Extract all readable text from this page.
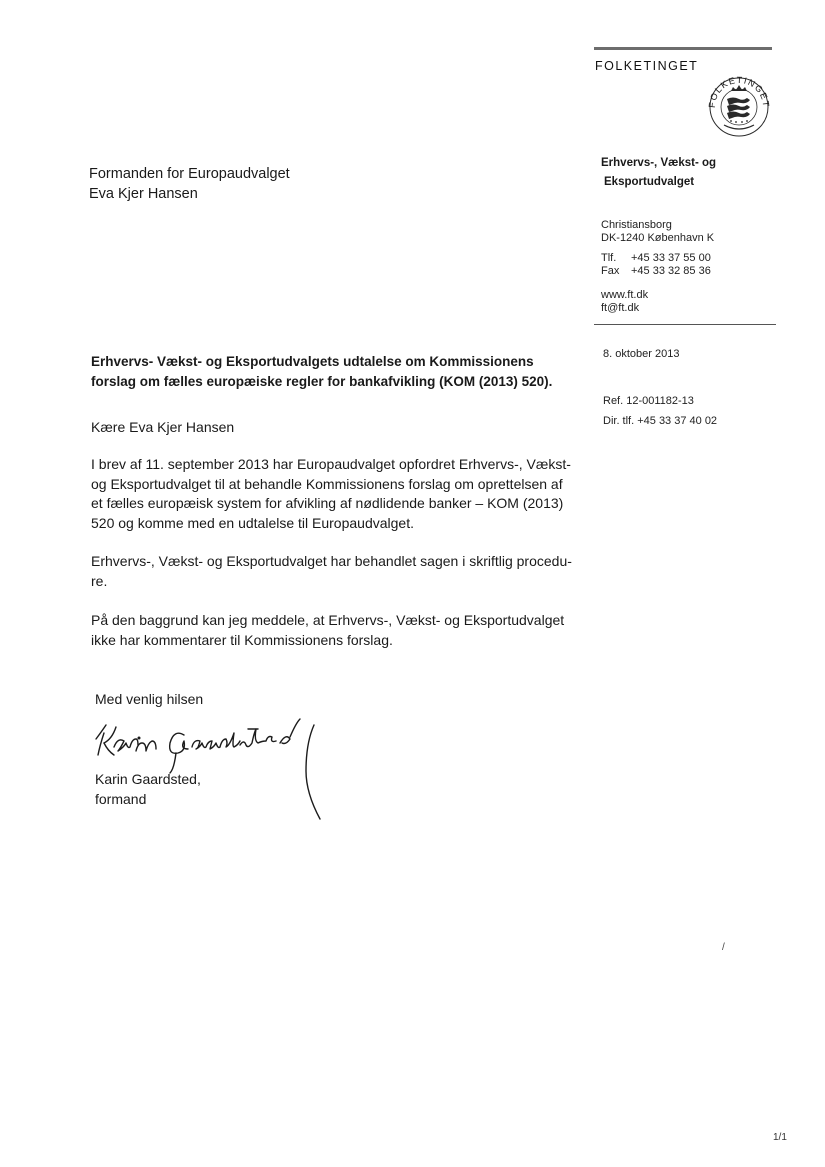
FOLKETINGET
FOLKETINGET
Erhvervs-, Vækst- og
Eksportudvalget
Christiansborg
DK-1240 København K
Tlf.	+45 33 37 55 00
Fax	+45 33 32 85 36
www.ft.dk
ft@ft.dk
8. oktober 2013
Ref. 12-001182-13
Dir. tlf. +45 33 37 40 02
Formanden for Europaudvalget
Eva Kjer Hansen
Erhvervs- Vækst- og Eksportudvalgets udtalelse om Kommissionens
forslag om fælles europæiske regler for bankafvikling (KOM (2013) 520).
Kære Eva Kjer Hansen
I brev af 11. september 2013 har Europaudvalget opfordret Erhvervs-, Vækst-
og Eksportudvalget til at behandle Kommissionens forslag om oprettelsen af
et fælles europæisk system for afvikling af nødlidende banker – KOM (2013)
520 og komme med en udtalelse til Europaudvalget.
Erhvervs-, Vækst- og Eksportudvalget har behandlet sagen i skriftlig procedu-
re.
På den baggrund kan jeg meddele, at Erhvervs-, Vækst- og Eksportudvalget
ikke har kommentarer til Kommissionens forslag.
Med venlig hilsen
Karin Gaardsted,
formand
/
1/1
